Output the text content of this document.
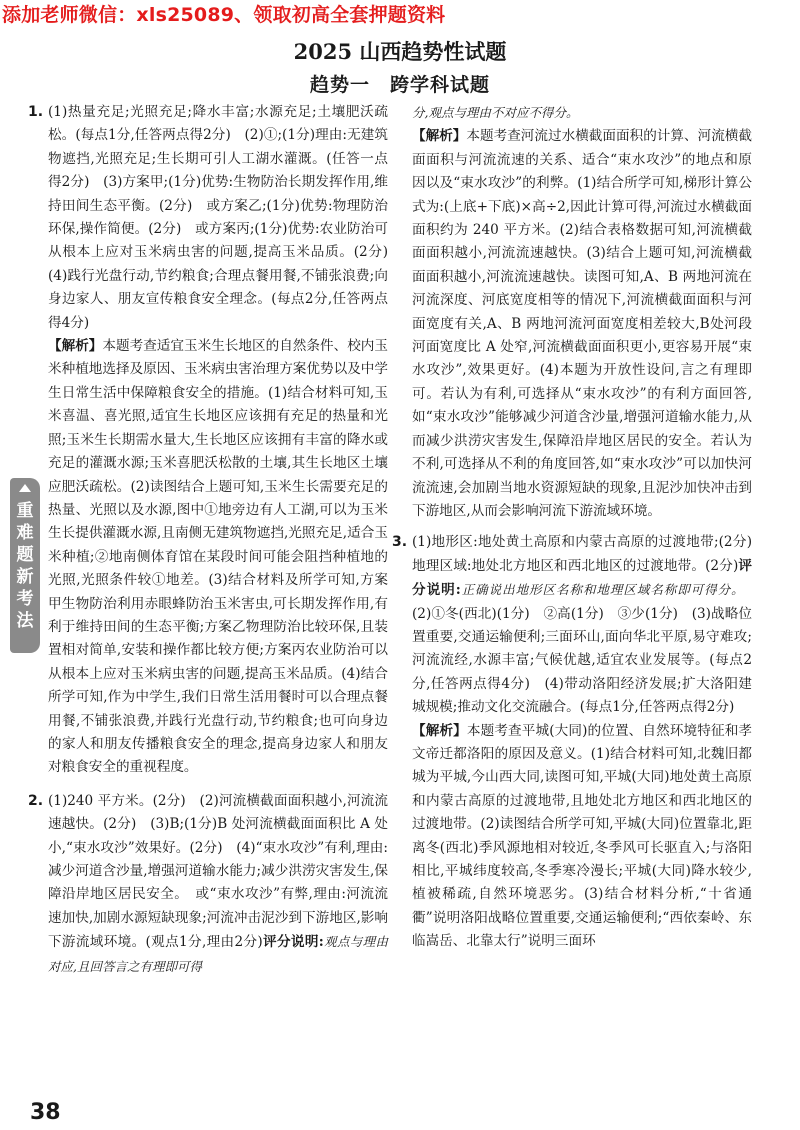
添加老师微信：xls25089、领取初高全套押题资料
2025 山西趋势性试题
趋势一　跨学科试题
1. (1)热量充足;光照充足;降水丰富;水源充足;土壤肥沃疏松。(每点1分,任答两点得2分)　(2)①;(1分)理由:无建筑物遮挡,光照充足;生长期可引人工湖水灌溉。(任答一点得2分)　(3)方案甲;(1分)优势:生物防治长期发挥作用,维持田间生态平衡。(2分)　或方案乙;(1分)优势:物理防治环保,操作简便。(2分)　或方案丙;(1分)优势:农业防治可从根本上应对玉米病虫害的问题,提高玉米品质。(2分)　(4)践行光盘行动,节约粮食;合理点餐用餐,不铺张浪费;向身边家人、朋友宣传粮食安全理念。(每点2分,任答两点得4分)

【解析】本题考查适宜玉米生长地区的自然条件、校内玉米种植地选择及原因、玉米病虫害治理方案优势以及中学生日常生活中保障粮食安全的措施。(1)结合材料可知,玉米喜温、喜光照,适宜生长地区应该拥有充足的热量和光照;玉米生长期需水量大,生长地区应该拥有丰富的降水或充足的灌溉水源;玉米喜肥沃松散的土壤,其生长地区土壤应肥沃疏松。(2)读图结合上题可知,玉米生长需要充足的热量、光照以及水源,图中①地旁边有人工湖,可以为玉米生长提供灌溉水源,且南侧无建筑物遮挡,光照充足,适合玉米种植;②地南侧体育馆在某段时间可能会阻挡种植地的光照,光照条件较①地差。(3)结合材料及所学可知,方案甲生物防治利用赤眼蜂防治玉米害虫,可长期发挥作用,有利于维持田间的生态平衡;方案乙物理防治比较环保,且装置相对简单,安装和操作都比较方便;方案丙农业防治可以从根本上应对玉米病虫害的问题,提高玉米品质。(4)结合所学可知,作为中学生,我们日常生活用餐时可以合理点餐用餐,不铺张浪费,并践行光盘行动,节约粮食;也可向身边的家人和朋友传播粮食安全的理念,提高身边家人和朋友对粮食安全的重视程度。

2. (1)240 平方米。(2分)　(2)河流横截面面积越小,河流流速越快。(2分)　(3)B;(1分)B 处河流横截面面积比 A 处小,“束水攻沙”效果好。(2分)　(4)“束水攻沙”有利,理由:减少河道含沙量,增强河道输水能力;减少洪涝灾害发生,保障沿岸地区居民安全。　或“束水攻沙”有弊,理由:河流流速加快,加剧水源短缺现象;河流冲击泥沙到下游地区,影响下游流域环境。(观点1分,理由2分)评分说明:观点与理由对应,且回答言之有理即可得

分,观点与理由不对应不得分。

【解析】本题考查河流过水横截面面积的计算、河流横截面面积与河流流速的关系、适合“束水攻沙”的地点和原因以及“束水攻沙”的利弊。(1)结合所学可知,梯形计算公式为:(上底+下底)×高÷2,因此计算可得,河流过水横截面面积约为 240 平方米。(2)结合表格数据可知,河流横截面面积越小,河流流速越快。(3)结合上题可知,河流横截面面积越小,河流流速越快。读图可知,A、B 两地河流在河流深度、河底宽度相等的情况下,河流横截面面积与河面宽度有关,A、B 两地河流河面宽度相差较大,B处河段河面宽度比 A 处窄,河流横截面面积更小,更容易开展“束水攻沙”,效果更好。(4)本题为开放性设问,言之有理即可。若认为有利,可选择从“束水攻沙”的有利方面回答,如“束水攻沙”能够减少河道含沙量,增强河道输水能力,从而减少洪涝灾害发生,保障沿岸地区居民的安全。若认为不利,可选择从不利的角度回答,如“束水攻沙”可以加快河流流速,会加剧当地水资源短缺的现象,且泥沙加快冲击到下游地区,从而会影响河流下游流域环境。

3. (1)地形区:地处黄土高原和内蒙古高原的过渡地带;(2分)地理区域:地处北方地区和西北地区的过渡地带。(2分)评分说明:正确说出地形区名称和地理区域名称即可得分。　(2)①冬(西北)(1分)　②高(1分)　③少(1分)　(3)战略位置重要,交通运输便利;三面环山,面向华北平原,易守难攻;河流流经,水源丰富;气候优越,适宜农业发展等。(每点2分,任答两点得4分)　(4)带动洛阳经济发展;扩大洛阳建城规模;推动文化交流融合。(每点1分,任答两点得2分)

【解析】本题考查平城(大同)的位置、自然环境特征和孝文帝迁都洛阳的原因及意义。(1)结合材料可知,北魏旧都城为平城,今山西大同,读图可知,平城(大同)地处黄土高原和内蒙古高原的过渡地带,且地处北方地区和西北地区的过渡地带。(2)读图结合所学可知,平城(大同)位置靠北,距离冬(西北)季风源地相对较近,冬季风可长驱直入;与洛阳相比,平城纬度较高,冬季寒冷漫长;平城(大同)降水较少,植被稀疏,自然环境恶劣。(3)结合材料分析,“十省通衢”说明洛阳战略位置重要,交通运输便利;“西依秦岭、东临嵩岳、北靠太行”说明三面环

重难题新考法
38
